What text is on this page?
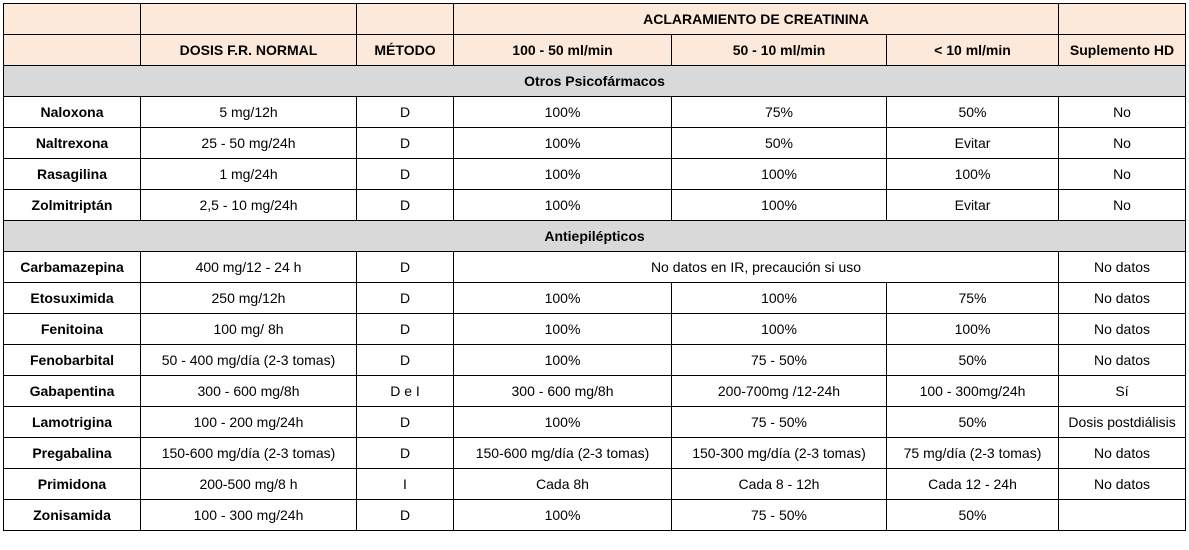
			ACLARAMIENTO DE CREATININA			
	DOSIS F.R. NORMAL	MÉTODO	100 - 50 ml/min	50 - 10 ml/min	< 10 ml/min	Suplemento HD
Otros Psicofármacos						
Naloxona	5 mg/12h	D	100%	75%	50%	No
Naltrexona	25 - 50 mg/24h	D	100%	50%	Evitar	No
Rasagilina	1 mg/24h	D	100%	100%	100%	No
Zolmitriptán	2,5 - 10 mg/24h	D	100%	100%	Evitar	No
Antiepilépticos						
Carbamazepina	400 mg/12 - 24 h	D	No datos en IR, precaución si uso			No datos
Etosuximida	250 mg/12h	D	100%	100%	75%	No datos
Fenitoina	100 mg/ 8h	D	100%	100%	100%	No datos
Fenobarbital	50 - 400 mg/día (2-3 tomas)	D	100%	75 - 50%	50%	No datos
Gabapentina	300 - 600 mg/8h	D e I	300 - 600 mg/8h	200-700mg /12-24h	100 - 300mg/24h	Sí
Lamotrigina	100 - 200 mg/24h	D	100%	75 - 50%	50%	Dosis postdiálisis
Pregabalina	150-600 mg/día (2-3 tomas)	D	150-600 mg/día (2-3 tomas)	150-300 mg/día (2-3 tomas)	75 mg/día (2-3 tomas)	No datos
Primidona	200-500 mg/8 h	I	Cada 8h	Cada 8 - 12h	Cada 12 - 24h	No datos
Zonisamida	100 - 300 mg/24h	D	100%	75 - 50%	50%	
